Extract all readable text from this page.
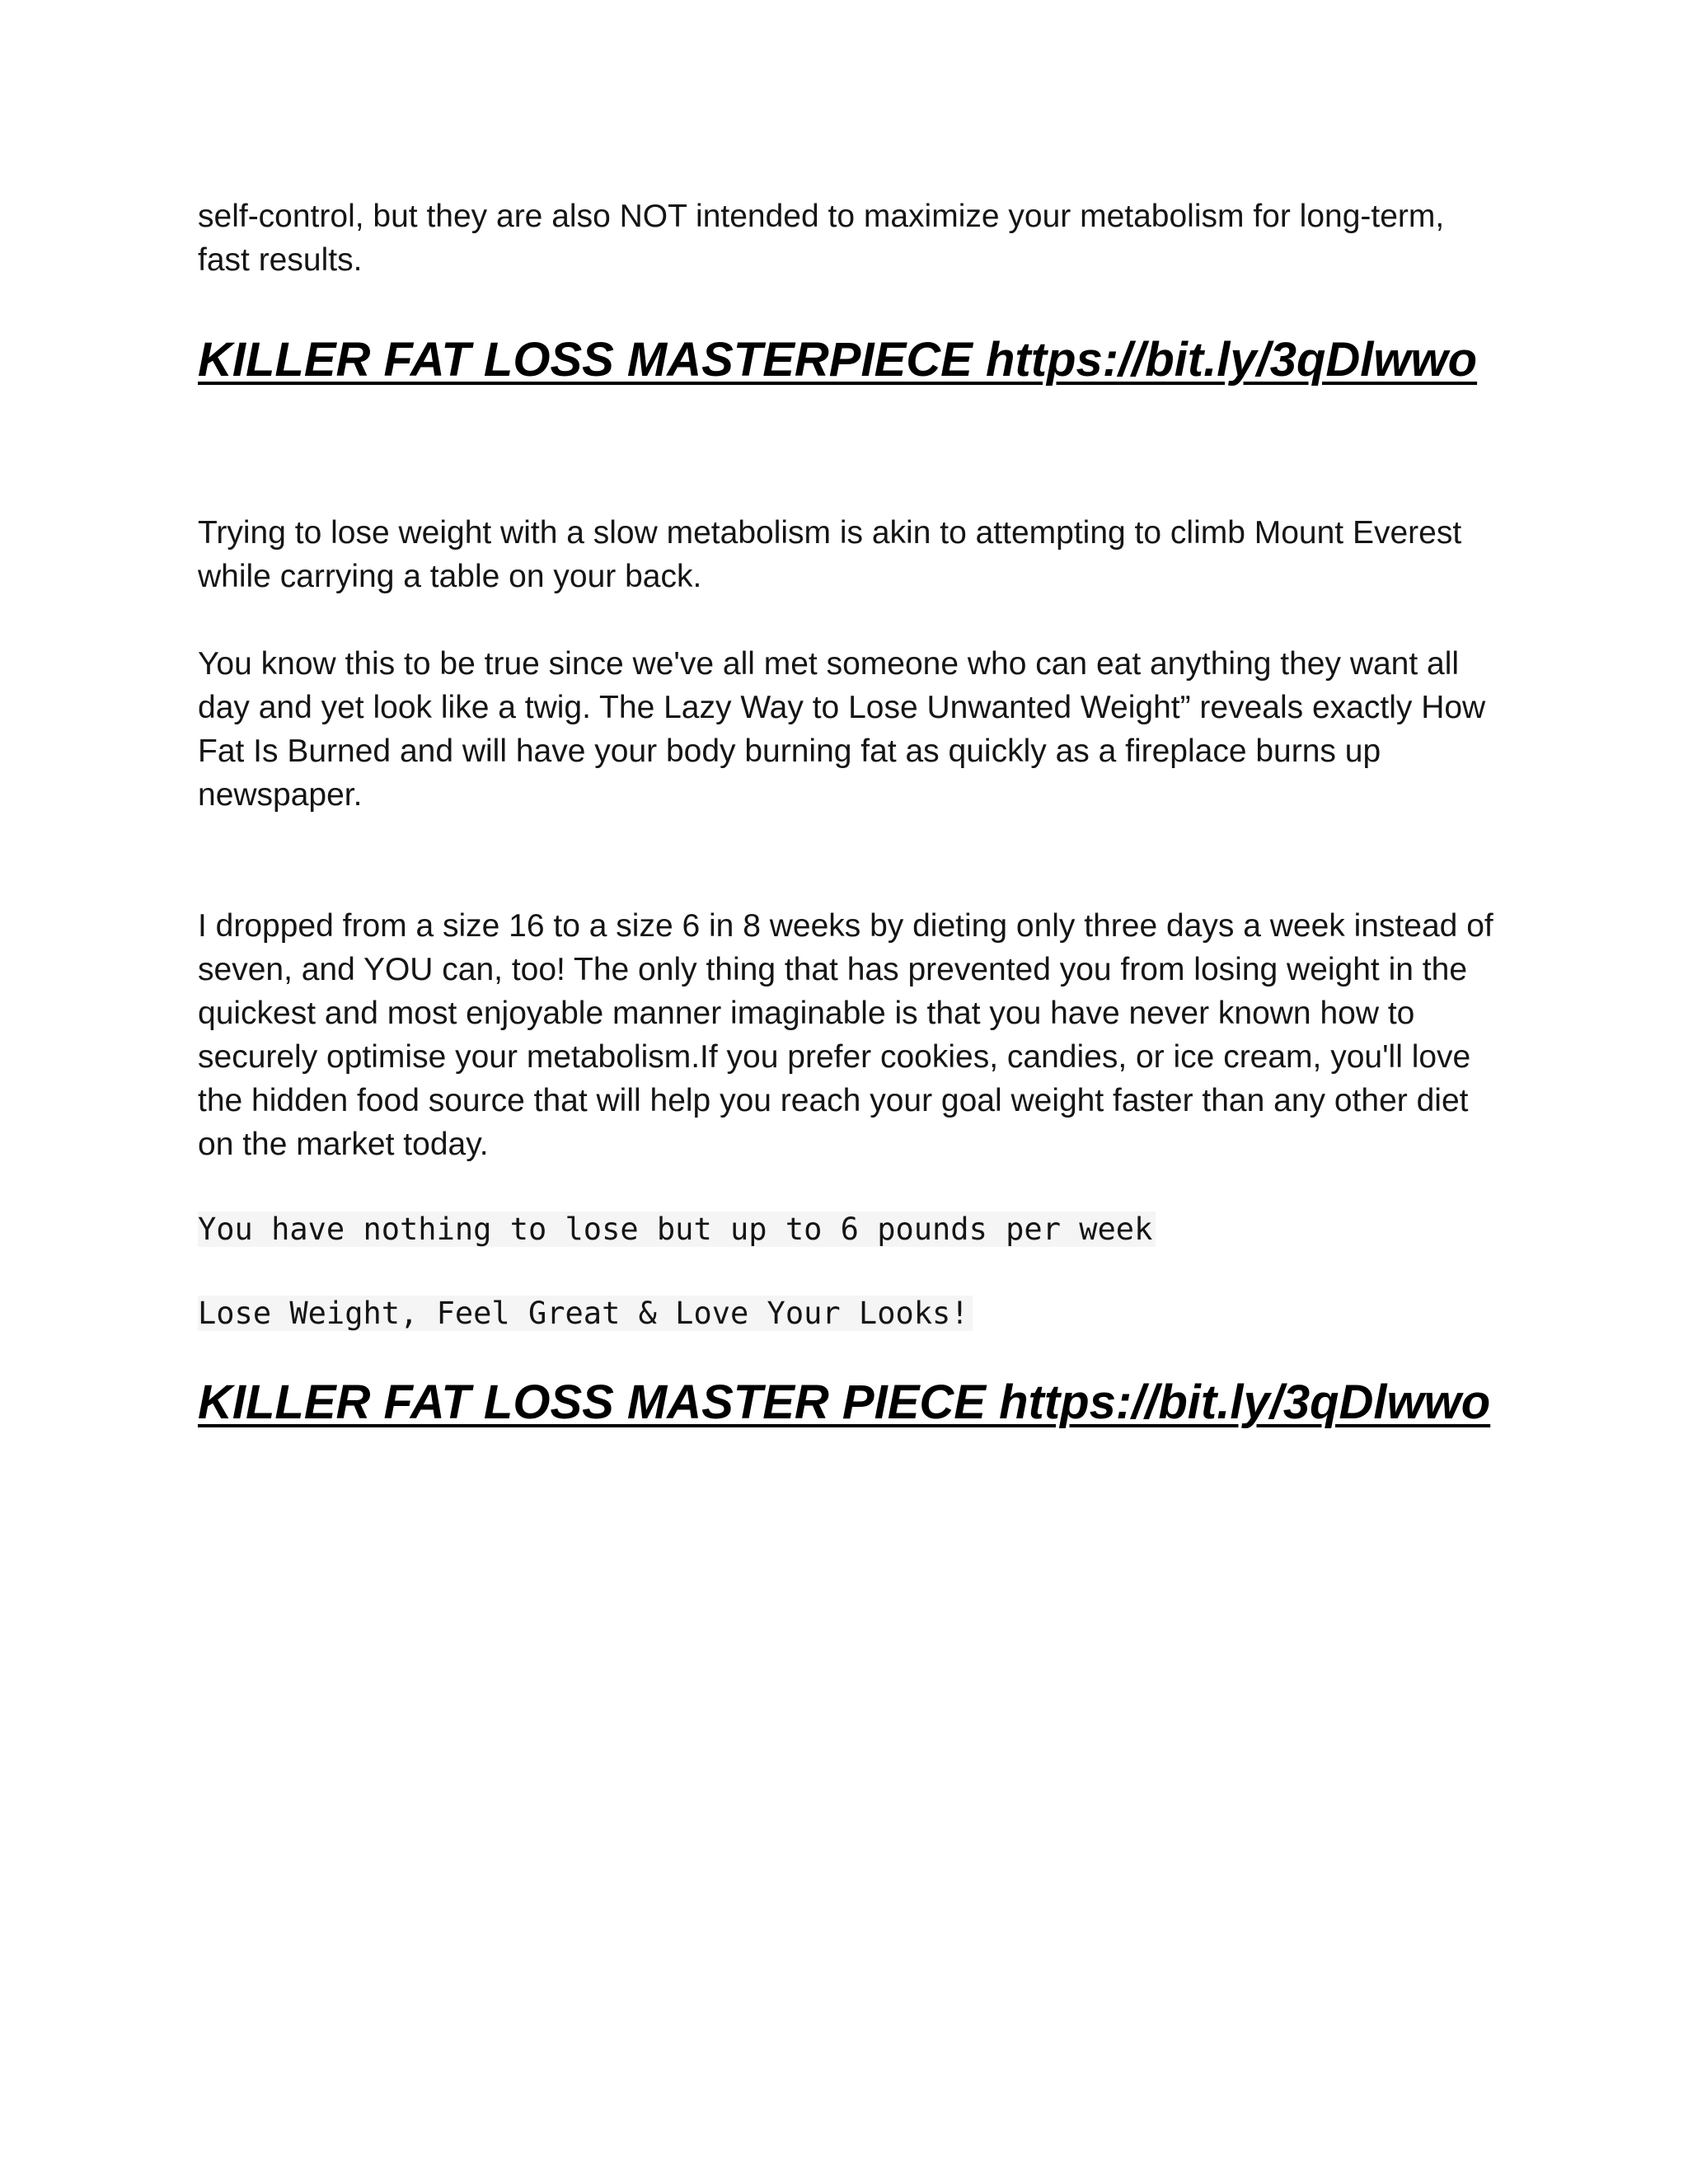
self-control, but they are also NOT intended to maximize your metabolism for long-term, fast results.

KILLER FAT LOSS MASTERPIECE https://bit.ly/3qDlwwo

Trying to lose weight with a slow metabolism is akin to attempting to climb Mount Everest while carrying a table on your back.

You know this to be true since we've all met someone who can eat anything they want all day and yet look like a twig. The Lazy Way to Lose Unwanted Weight” reveals exactly How Fat Is Burned and will have your body burning fat as quickly as a fireplace burns up newspaper.

I dropped from a size 16 to a size 6 in 8 weeks by dieting only three days a week instead of seven, and YOU can, too! The only thing that has prevented you from losing weight in the quickest and most enjoyable manner imaginable is that you have never known how to securely optimise your metabolism.If you prefer cookies, candies, or ice cream, you'll love the hidden food source that will help you reach your goal weight faster than any other diet on the market today.

You have nothing to lose but up to 6 pounds per week

Lose Weight, Feel Great & Love Your Looks!

KILLER FAT LOSS MASTER PIECE https://bit.ly/3qDlwwo
